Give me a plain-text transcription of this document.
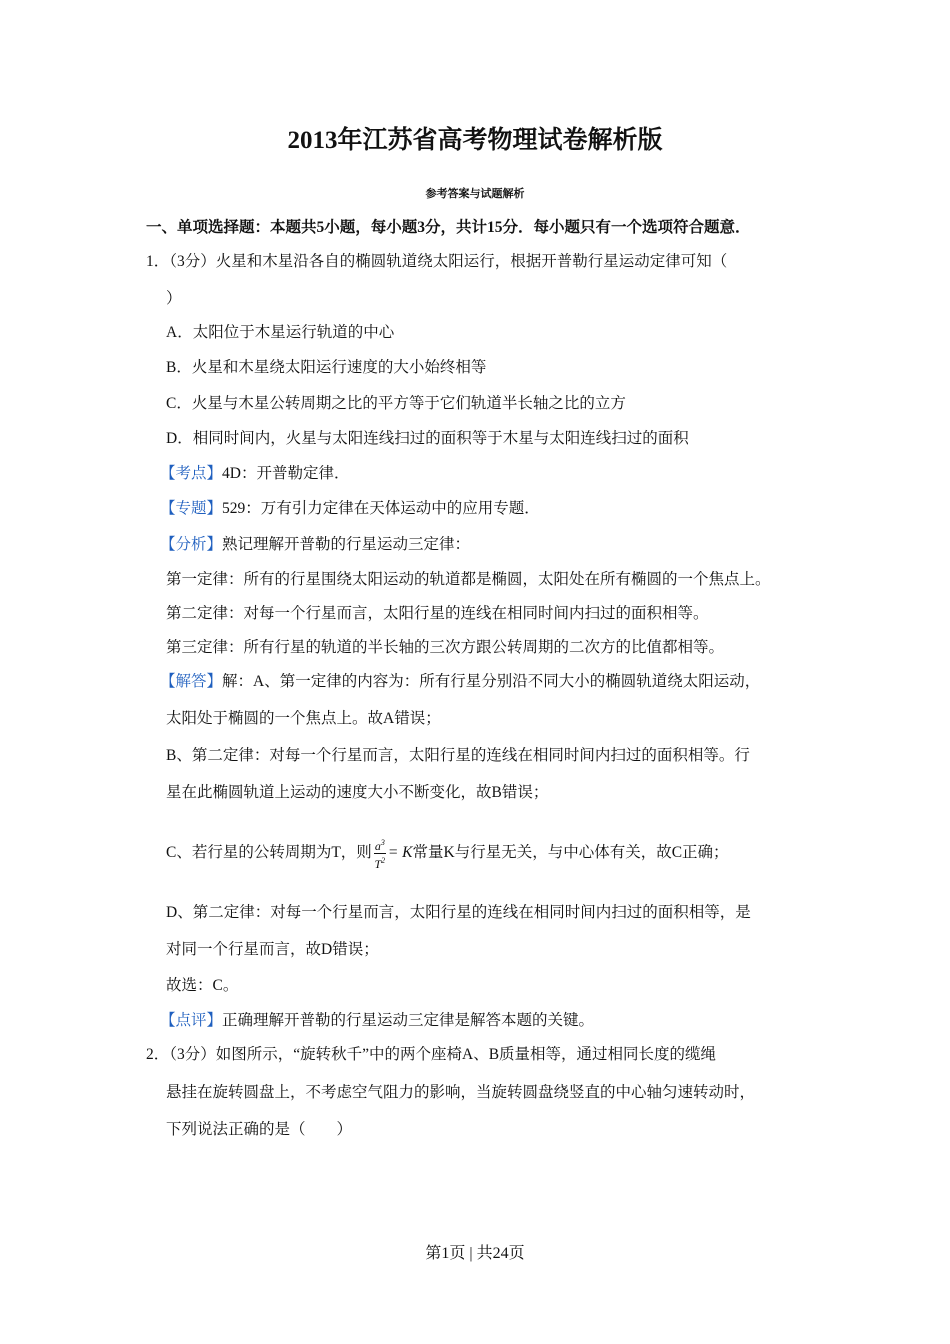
2013年江苏省高考物理试卷解析版
参考答案与试题解析
一、单项选择题：本题共5小题，每小题3分，共计15分．每小题只有一个选项符合题意．
1．（3分）火星和木星沿各自的椭圆轨道绕太阳运行，根据开普勒行星运动定律可知（
）
A．太阳位于木星运行轨道的中心
B．火星和木星绕太阳运行速度的大小始终相等
C．火星与木星公转周期之比的平方等于它们轨道半长轴之比的立方
D．相同时间内，火星与太阳连线扫过的面积等于木星与太阳连线扫过的面积
【考点】4D：开普勒定律．
【专题】529：万有引力定律在天体运动中的应用专题．
【分析】熟记理解开普勒的行星运动三定律：
第一定律：所有的行星围绕太阳运动的轨道都是椭圆，太阳处在所有椭圆的一个焦点上。
第二定律：对每一个行星而言，太阳行星的连线在相同时间内扫过的面积相等。
第三定律：所有行星的轨道的半长轴的三次方跟公转周期的二次方的比值都相等。
【解答】解：A、第一定律的内容为：所有行星分别沿不同大小的椭圆轨道绕太阳运动，
太阳处于椭圆的一个焦点上。故A错误；
B、第二定律：对每一个行星而言，太阳行星的连线在相同时间内扫过的面积相等。行
星在此椭圆轨道上运动的速度大小不断变化，故B错误；
C、若行星的公转周期为T，则 $\frac{a^3}{T^2} = K$常量K与行星无关，与中心体有关，故C正确；
D、第二定律：对每一个行星而言，太阳行星的连线在相同时间内扫过的面积相等，是
对同一个行星而言，故D错误；
故选：C。
【点评】正确理解开普勒的行星运动三定律是解答本题的关键。
2．（3分）如图所示，“旋转秋千”中的两个座椅A、B质量相等，通过相同长度的缆绳
悬挂在旋转圆盘上，不考虑空气阻力的影响，当旋转圆盘绕竖直的中心轴匀速转动时，
下列说法正确的是（　　）
第1页 | 共24页
